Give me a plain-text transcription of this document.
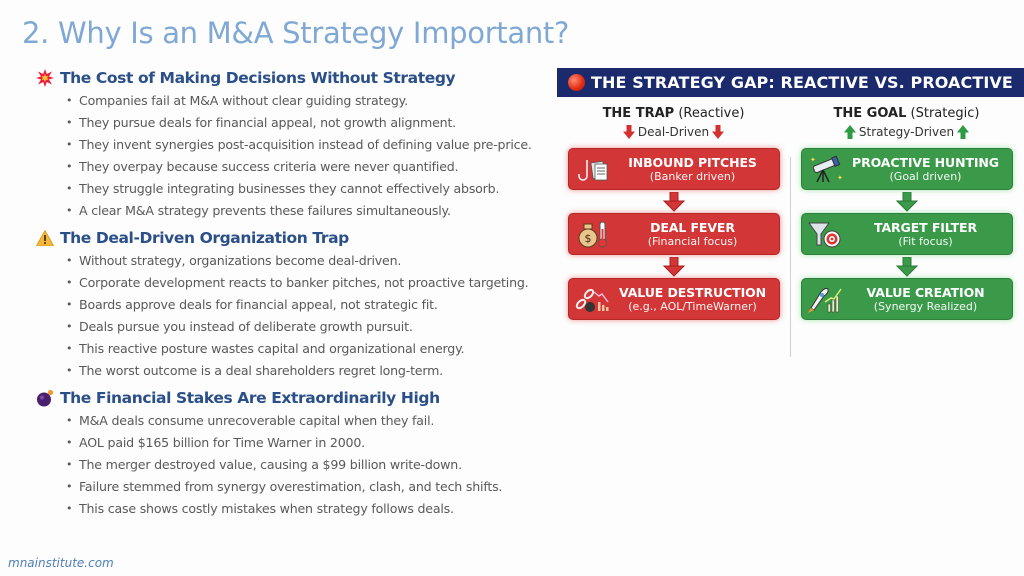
2. Why Is an M&A Strategy Important?
The Cost of Making Decisions Without Strategy
• Companies fail at M&A without clear guiding strategy.
• They pursue deals for financial appeal, not growth alignment.
• They invent synergies post-acquisition instead of defining value pre-price.
• They overpay because success criteria were never quantified.
• They struggle integrating businesses they cannot effectively absorb.
• A clear M&A strategy prevents these failures simultaneously.
The Deal-Driven Organization Trap
• Without strategy, organizations become deal-driven.
• Corporate development reacts to banker pitches, not proactive targeting.
• Boards approve deals for financial appeal, not strategic fit.
• Deals pursue you instead of deliberate growth pursuit.
• This reactive posture wastes capital and organizational energy.
• The worst outcome is a deal shareholders regret long-term.
The Financial Stakes Are Extraordinarily High
• M&A deals consume unrecoverable capital when they fail.
• AOL paid $165 billion for Time Warner in 2000.
• The merger destroyed value, causing a $99 billion write-down.
• Failure stemmed from synergy overestimation, clash, and tech shifts.
• This case shows costly mistakes when strategy follows deals.
THE STRATEGY GAP: REACTIVE VS. PROACTIVE
THE TRAP (Reactive)
Deal-Driven
INBOUND PITCHES
(Banker driven)
$
DEAL FEVER
(Financial focus)
VALUE DESTRUCTION
(e.g., AOL/TimeWarner)
THE GOAL (Strategic)
Strategy-Driven
✦
✦
PROACTIVE HUNTING
(Goal driven)
TARGET FILTER
(Fit focus)
VALUE CREATION
(Synergy Realized)
mnainstitute.com
